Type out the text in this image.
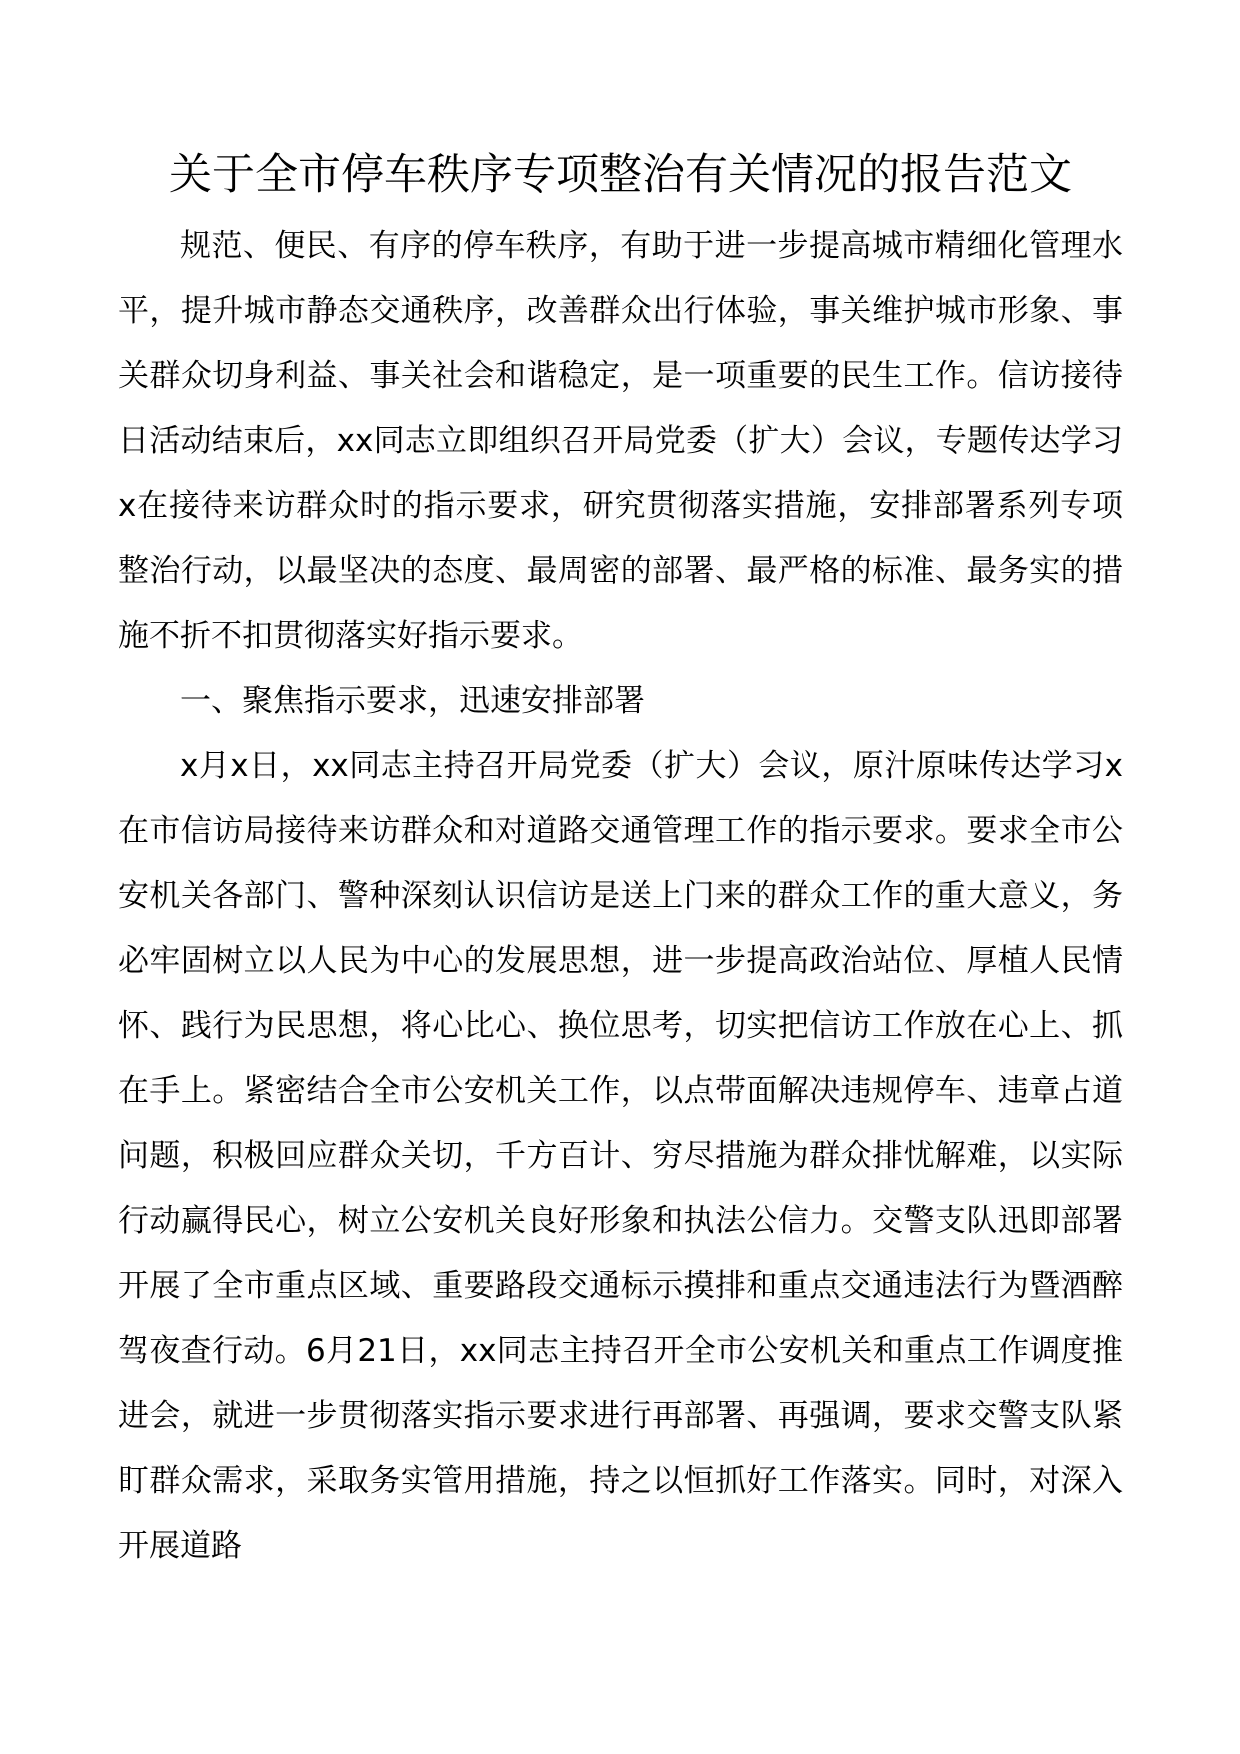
关于全市停车秩序专项整治有关情况的报告范文

规范、便民、有序的停车秩序，有助于进一步提高城市精细化管理水平，提升城市静态交通秩序，改善群众出行体验，事关维护城市形象、事关群众切身利益、事关社会和谐稳定，是一项重要的民生工作。信访接待日活动结束后，xx同志立即组织召开局党委（扩大）会议，专题传达学习x在接待来访群众时的指示要求，研究贯彻落实措施，安排部署系列专项整治行动，以最坚决的态度、最周密的部署、最严格的标准、最务实的措施不折不扣贯彻落实好指示要求。

一、聚焦指示要求，迅速安排部署

x月x日，xx同志主持召开局党委（扩大）会议，原汁原味传达学习x在市信访局接待来访群众和对道路交通管理工作的指示要求。要求全市公安机关各部门、警种深刻认识信访是送上门来的群众工作的重大意义，务必牢固树立以人民为中心的发展思想，进一步提高政治站位、厚植人民情怀、践行为民思想，将心比心、换位思考，切实把信访工作放在心上、抓在手上。紧密结合全市公安机关工作，以点带面解决违规停车、违章占道问题，积极回应群众关切，千方百计、穷尽措施为群众排忧解难，以实际行动赢得民心，树立公安机关良好形象和执法公信力。交警支队迅即部署开展了全市重点区域、重要路段交通标示摸排和重点交通违法行为暨酒醉驾夜查行动。6月21日，xx同志主持召开全市公安机关和重点工作调度推进会，就进一步贯彻落实指示要求进行再部署、再强调，要求交警支队紧盯群众需求，采取务实管用措施，持之以恒抓好工作落实。同时，对深入开展道路
